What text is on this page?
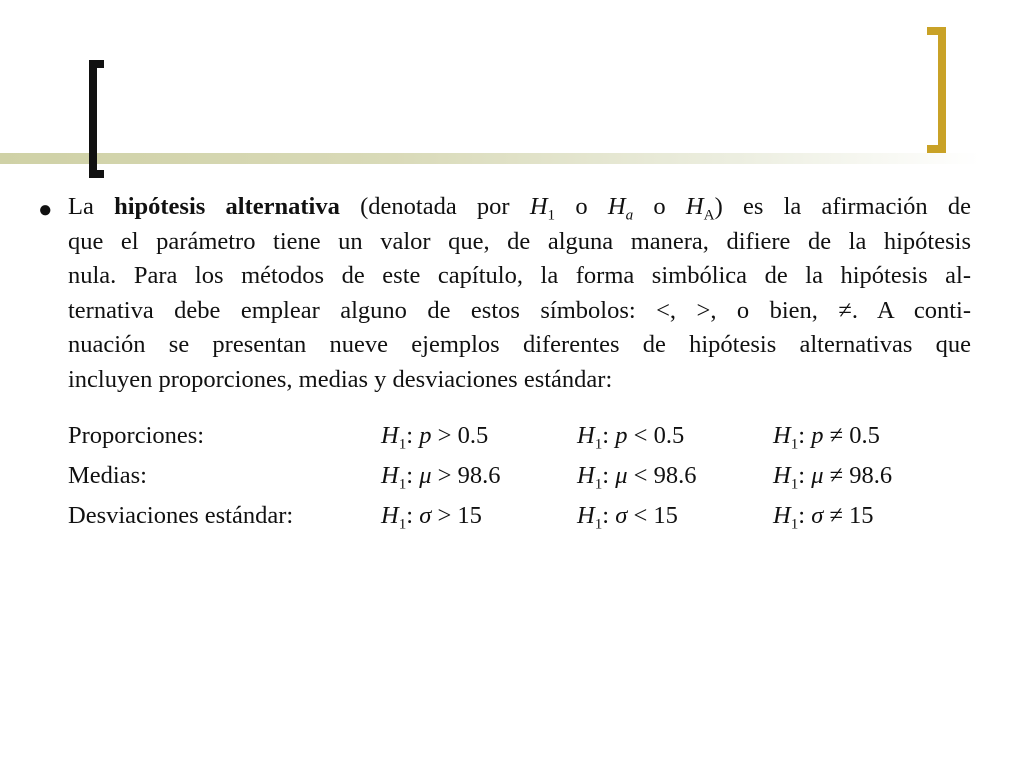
● La hipótesis alternativa (denotada por $H_1$ o $H_a$ o $H_A$) es la afirmación de
que el parámetro tiene un valor que, de alguna manera, difiere de la hipótesis
nula. Para los métodos de este capítulo, la forma simbólica de la hipótesis al-
ternativa debe emplear alguno de estos símbolos: <, >, o bien, ≠. A conti-
nuación se presentan nueve ejemplos diferentes de hipótesis alternativas que
incluyen proporciones, medias y desviaciones estándar:
Proporciones:	$H_1$: p > 0.5	$H_1$: p < 0.5	$H_1$: p ≠ 0.5
Medias:	$H_1$: μ > 98.6	$H_1$: μ < 98.6	$H_1$: μ ≠ 98.6
Desviaciones estándar:	$H_1$: σ > 15	$H_1$: σ < 15	$H_1$: σ ≠ 15
